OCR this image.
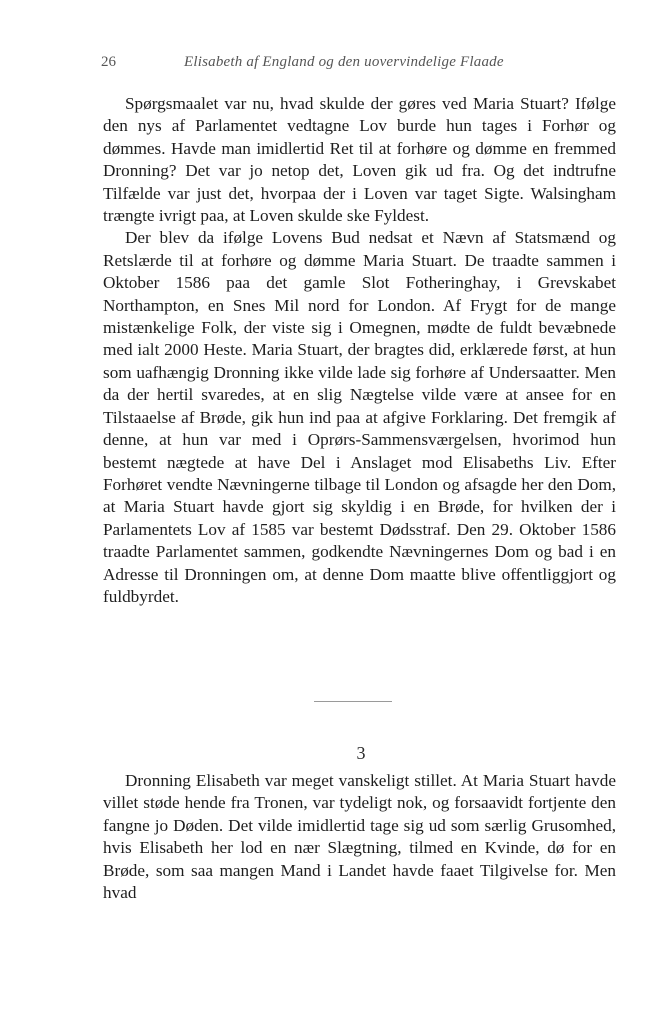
26	Elisabeth af England og den uovervindelige Flaade

Spørgsmaalet var nu, hvad skulde der gøres ved Maria Stuart? Ifølge den nys af Parlamentet vedtagne Lov burde hun tages i Forhør og dømmes. Havde man imidlertid Ret til at forhøre og dømme en fremmed Dronning? Det var jo netop det, Loven gik ud fra. Og det indtrufne Tilfælde var just det, hvorpaa der i Loven var taget Sigte. Walsingham trængte ivrigt paa, at Loven skulde ske Fyldest.

Der blev da ifølge Lovens Bud nedsat et Nævn af Statsmænd og Retslærde til at forhøre og dømme Maria Stuart. De traadte sammen i Oktober 1586 paa det gamle Slot Fotheringhay, i Grevskabet Northampton, en Snes Mil nord for London. Af Frygt for de mange mistænkelige Folk, der viste sig i Omegnen, mødte de fuldt bevæbnede med ialt 2000 Heste. Maria Stuart, der bragtes did, erklærede først, at hun som uafhængig Dronning ikke vilde lade sig forhøre af Undersaatter. Men da der hertil svaredes, at en slig Nægtelse vilde være at ansee for en Tilstaaelse af Brøde, gik hun ind paa at afgive Forklaring. Det fremgik af denne, at hun var med i Oprørs-Sammensværgelsen, hvorimod hun bestemt nægtede at have Del i Anslaget mod Elisabeths Liv. Efter Forhøret vendte Nævningerne tilbage til London og afsagde her den Dom, at Maria Stuart havde gjort sig skyldig i en Brøde, for hvilken der i Parlamentets Lov af 1585 var bestemt Dødsstraf. Den 29. Oktober 1586 traadte Parlamentet sammen, godkendte Nævningernes Dom og bad i en Adresse til Dronningen om, at denne Dom maatte blive offentliggjort og fuldbyrdet.

3

Dronning Elisabeth var meget vanskeligt stillet. At Maria Stuart havde villet støde hende fra Tronen, var tydeligt nok, og forsaavidt fortjente den fangne jo Døden. Det vilde imidlertid tage sig ud som særlig Grusomhed, hvis Elisabeth her lod en nær Slægtning, tilmed en Kvinde, dø for en Brøde, som saa mangen Mand i Landet havde faaet Tilgivelse for. Men hvad
